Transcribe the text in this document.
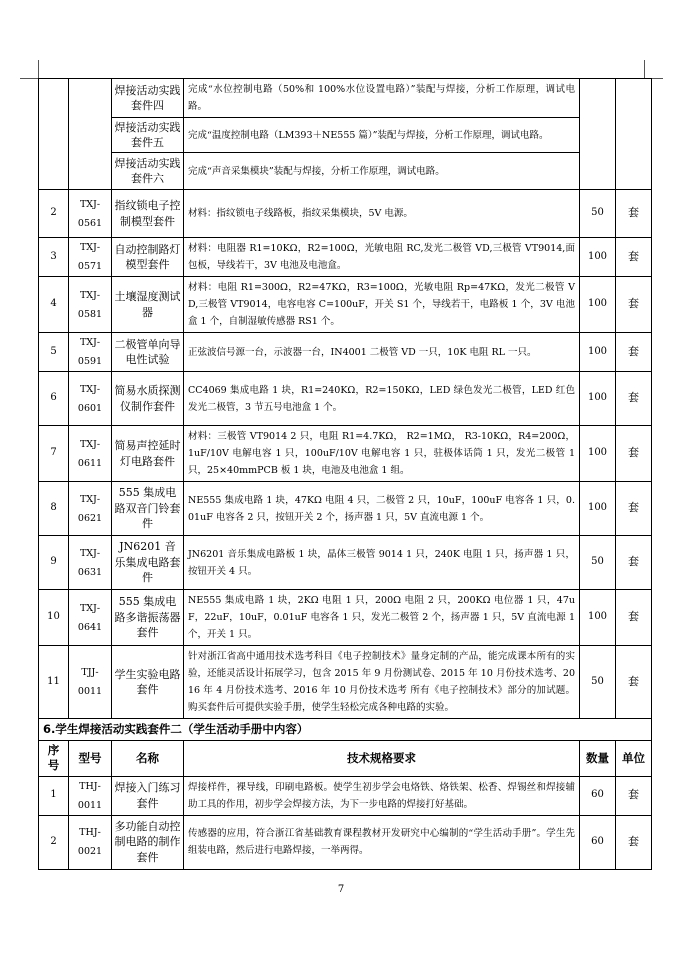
		焊接活动实践套件四	完成“水位控制电路（50%和 100%水位设置电路）”装配与焊接，分析工作原理，调试电路。		
		焊接活动实践套件五	完成“温度控制电路（LM393＋NE555 篇）”装配与焊接，分析工作原理，调试电路。		
		焊接活动实践套件六	完成“声音采集模块”装配与焊接，分析工作原理，调试电路。		
2	TXJ-0561	指纹锁电子控制模型套件	材料：指纹锁电子线路板，指纹采集模块，5V 电源。	50	套
3	TXJ-0571	自动控制路灯模型套件	材料：电阻器 R1=10KΩ，R2=100Ω，光敏电阻 RC,发光二极管 VD,三极管 VT9014,面包板，导线若干，3V 电池及电池盒。	100	套
4	TXJ-0581	土壤湿度测试器	材料：电阻 R1=300Ω，R2=47KΩ，R3=100Ω，光敏电阻 Rp=47KΩ，发光二极管 VD,三极管 VT9014，电容电容 C=100uF，开关 S1 个，导线若干，电路板 1 个，3V 电池盒 1 个，自制湿敏传感器 RS1 个。	100	套
5	TXJ-0591	二极管单向导电性试验	正弦波信号源一台，示波器一台，IN4001 二极管 VD 一只，10K 电阻 RL 一只。	100	套
6	TXJ-0601	简易水质探测仪制作套件	CC4069 集成电路 1 块，R1=240KΩ，R2=150KΩ，LED 绿色发光二极管，LED 红色发光二极管，3 节五号电池盒 1 个。	100	套
7	TXJ-0611	简易声控延时灯电路套件	材料：三极管 VT9014 2 只，电阻 R1=4.7KΩ， R2=1MΩ， R3-10KΩ，R4=200Ω，1uF/10V 电解电容 1 只，100uF/10V 电解电容 1 只，驻极体话筒 1 只，发光二极管 1 只，25×40mmPCB 板 1 块，电池及电池盒 1 组。	100	套
8	TXJ-0621	555 集成电路双音门铃套件	NE555 集成电路 1 块，47KΩ 电阻 4 只，二极管 2 只，10uF，100uF 电容各 1 只，0.01uF 电容各 2 只，按钮开关 2 个，扬声器 1 只，5V 直流电源 1 个。	100	套
9	TXJ-0631	JN6201 音乐集成电路套件	JN6201 音乐集成电路板 1 块，晶体三极管 9014 1 只，240K 电阻 1 只，扬声器 1 只，按钮开关 4 只。	50	套
10	TXJ-0641	555 集成电路多谐振荡器套件	NE555 集成电路 1 块，2KΩ 电阻 1 只，200Ω 电阻 2 只，200KΩ 电位器 1 只，47uF，22uF，10uF，0.01uF 电容各 1 只，发光二极管 2 个，扬声器 1 只，5V 直流电源 1 个，开关 1 只。	100	套
11	TJJ-0011	学生实验电路套件	针对浙江省高中通用技术选考科目《电子控制技术》量身定制的产品，能完成课本所有的实验，还能灵活设计拓展学习，包含 2015 年 9 月份测试卷、2015 年 10 月份技术选考、2016 年 4 月份技术选考、2016 年 10 月份技术选考 所有《电子控制技术》部分的加试题。购买套件后可提供实验手册，使学生轻松完成各种电路的实验。	50	套
6.学生焊接活动实践套件二（学生活动手册中内容）					
序号	型号	名称	技术规格要求	数量	单位
1	THJ-0011	焊接入门练习套件	焊接样件，裸导线，印刷电路板。使学生初步学会电烙铁、烙铁架、松香、焊锡丝和焊接辅助工具的作用，初步学会焊接方法，为下一步电路的焊接打好基础。	60	套
2	THJ-0021	多功能自动控制电路的制作套件	传感器的应用，符合浙江省基础教育课程教材开发研究中心编制的“学生活动手册”。学生先组装电路，然后进行电路焊接，一举两得。	60	套
7
